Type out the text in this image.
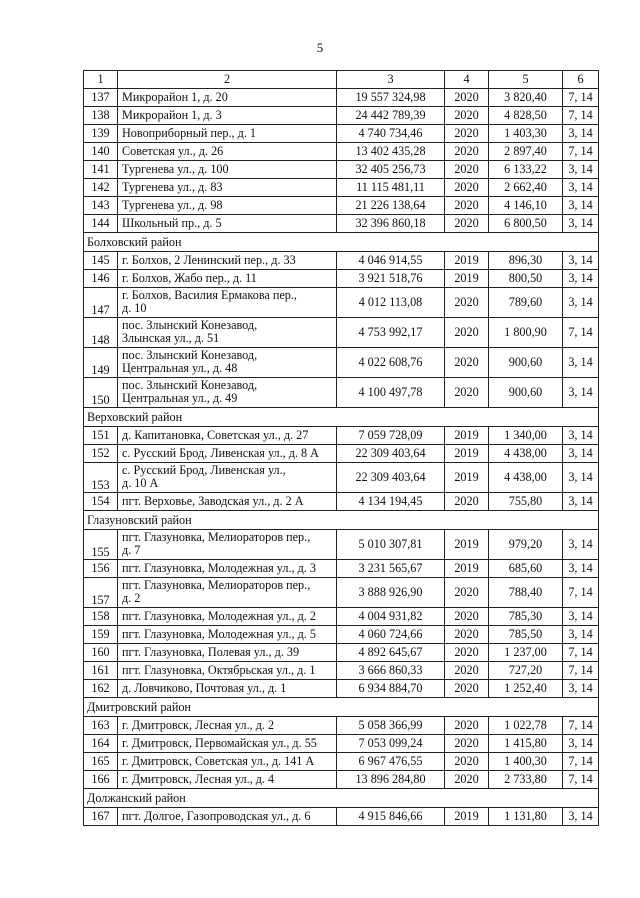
5
1	2	3	4	5	6
137	Микрорайон 1, д. 20	19 557 324,98	2020	3 820,40	7, 14
138	Микрорайон 1, д. 3	24 442 789,39	2020	4 828,50	7, 14
139	Новоприборный пер., д. 1	4 740 734,46	2020	1 403,30	3, 14
140	Советская ул., д. 26	13 402 435,28	2020	2 897,40	7, 14
141	Тургенева ул., д. 100	32 405 256,73	2020	6 133,22	3, 14
142	Тургенева ул., д. 83	11 115 481,11	2020	2 662,40	3, 14
143	Тургенева ул., д. 98	21 226 138,64	2020	4 146,10	3, 14
144	Школьный пр., д. 5	32 396 860,18	2020	6 800,50	3, 14
Болховский район					
145	г. Болхов, 2 Ленинский пер., д. 33	4 046 914,55	2019	896,30	3, 14
146	г. Болхов, Жабо пер., д. 11	3 921 518,76	2019	800,50	3, 14
147	г. Болхов, Василия Ермакова пер.,
д. 10	4 012 113,08	2020	789,60	3, 14
148	пос. Злынский Конезавод,
Злынская ул., д. 51	4 753 992,17	2020	1 800,90	7, 14
149	пос. Злынский Конезавод,
Центральная ул., д. 48	4 022 608,76	2020	900,60	3, 14
150	пос. Злынский Конезавод,
Центральная ул., д. 49	4 100 497,78	2020	900,60	3, 14
Верховский район					
151	д. Капитановка, Советская ул., д. 27	7 059 728,09	2019	1 340,00	3, 14
152	с. Русский Брод, Ливенская ул., д. 8 А	22 309 403,64	2019	4 438,00	3, 14
153	с. Русский Брод, Ливенская ул.,
д. 10 А	22 309 403,64	2019	4 438,00	3, 14
154	пгт. Верховье, Заводская ул., д. 2 А	4 134 194,45	2020	755,80	3, 14
Глазуновский район					
155	пгт. Глазуновка, Мелиораторов пер.,
д. 7	5 010 307,81	2019	979,20	3, 14
156	пгт. Глазуновка, Молодежная ул., д. 3	3 231 565,67	2019	685,60	3, 14
157	пгт. Глазуновка, Мелиораторов пер.,
д. 2	3 888 926,90	2020	788,40	7, 14
158	пгт. Глазуновка, Молодежная ул., д. 2	4 004 931,82	2020	785,30	3, 14
159	пгт. Глазуновка, Молодежная ул., д. 5	4 060 724,66	2020	785,50	3, 14
160	пгт. Глазуновка, Полевая ул., д. 39	4 892 645,67	2020	1 237,00	7, 14
161	пгт. Глазуновка, Октябрьская ул., д. 1	3 666 860,33	2020	727,20	7, 14
162	д. Ловчиково, Почтовая ул., д. 1	6 934 884,70	2020	1 252,40	3, 14
Дмитровский район					
163	г. Дмитровск, Лесная ул., д. 2	5 058 366,99	2020	1 022,78	7, 14
164	г. Дмитровск, Первомайская ул., д. 55	7 053 099,24	2020	1 415,80	3, 14
165	г. Дмитровск, Советская ул., д. 141 А	6 967 476,55	2020	1 400,30	7, 14
166	г. Дмитровск, Лесная ул., д. 4	13 896 284,80	2020	2 733,80	7, 14
Должанский район					
167	пгт. Долгое, Газопроводская ул., д. 6	4 915 846,66	2019	1 131,80	3, 14
